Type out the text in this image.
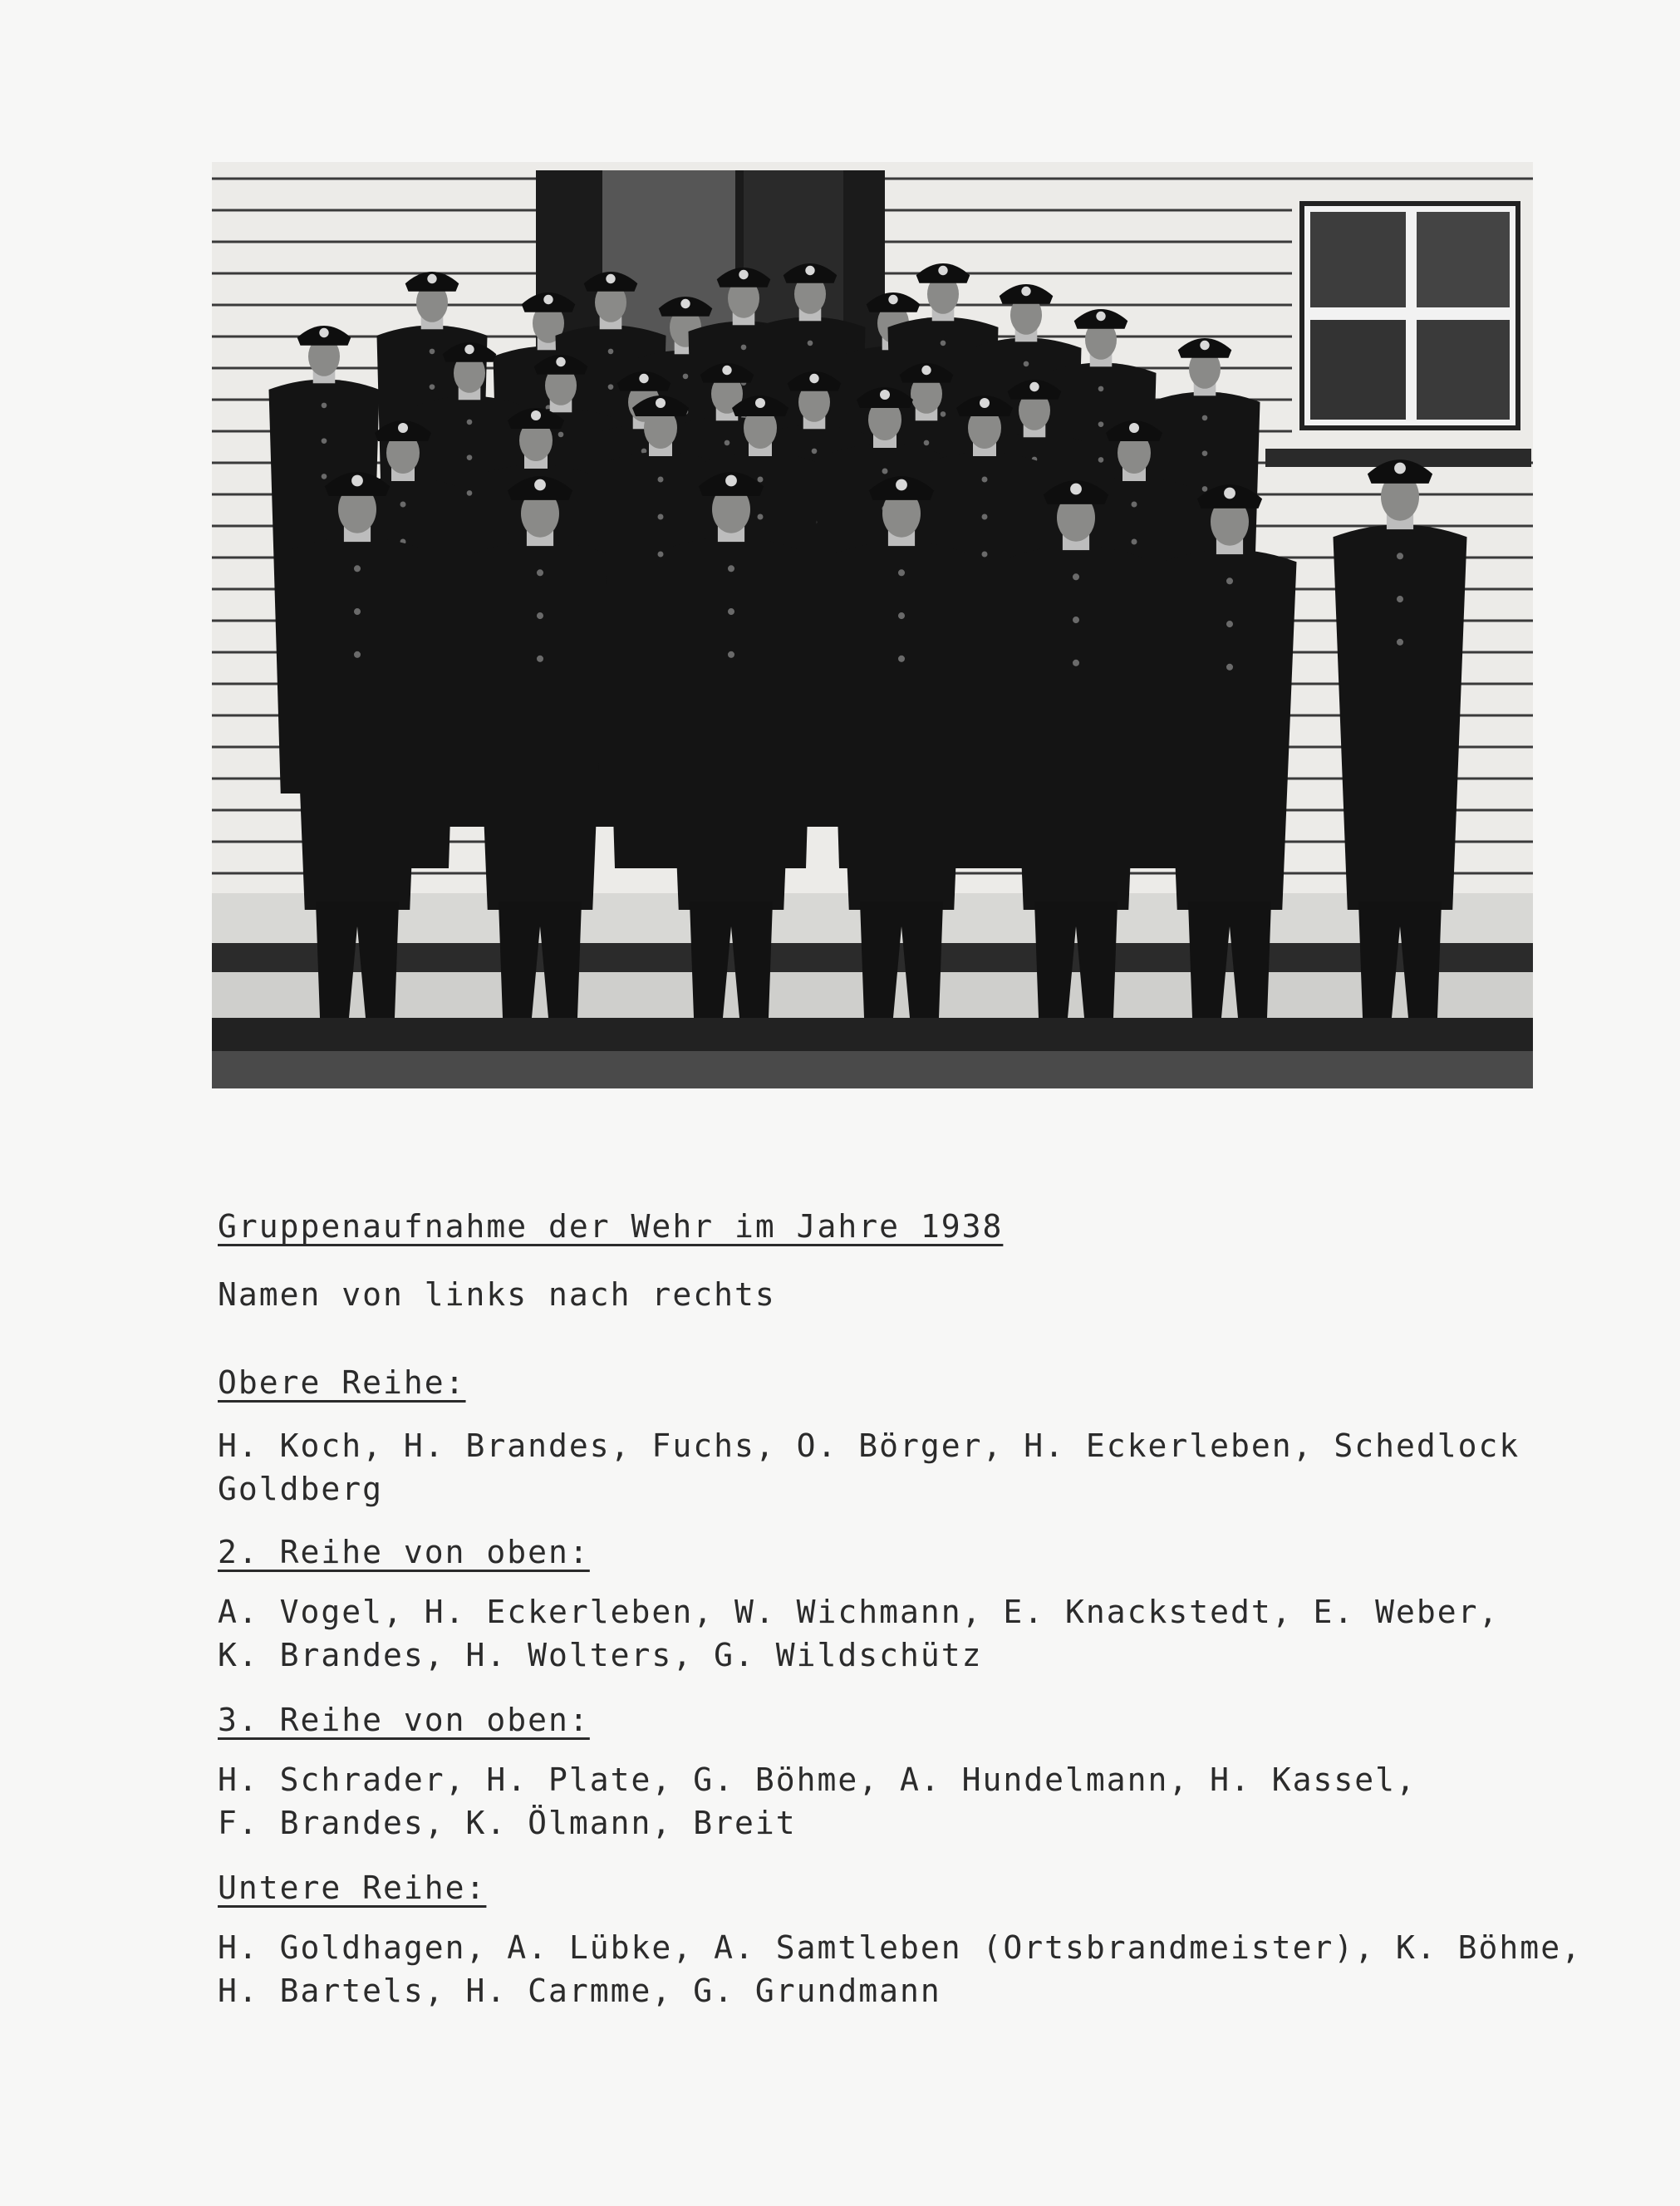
Gruppenaufnahme der Wehr im Jahre 1938
Namen von links nach rechts
Obere Reihe:
H. Koch, H. Brandes, Fuchs, O. Börger, H. Eckerleben, Schedlock
Goldberg
2. Reihe von oben:
A. Vogel, H. Eckerleben, W. Wichmann, E. Knackstedt, E. Weber,
K. Brandes, H. Wolters, G. Wildschütz
3. Reihe von oben:
H. Schrader, H. Plate, G. Böhme, A. Hundelmann, H. Kassel,
F. Brandes, K. Ölmann, Breit
Untere Reihe:
H. Goldhagen, A. Lübke, A. Samtleben (Ortsbrandmeister), K. Böhme,
H. Bartels, H. Carmme, G. Grundmann
